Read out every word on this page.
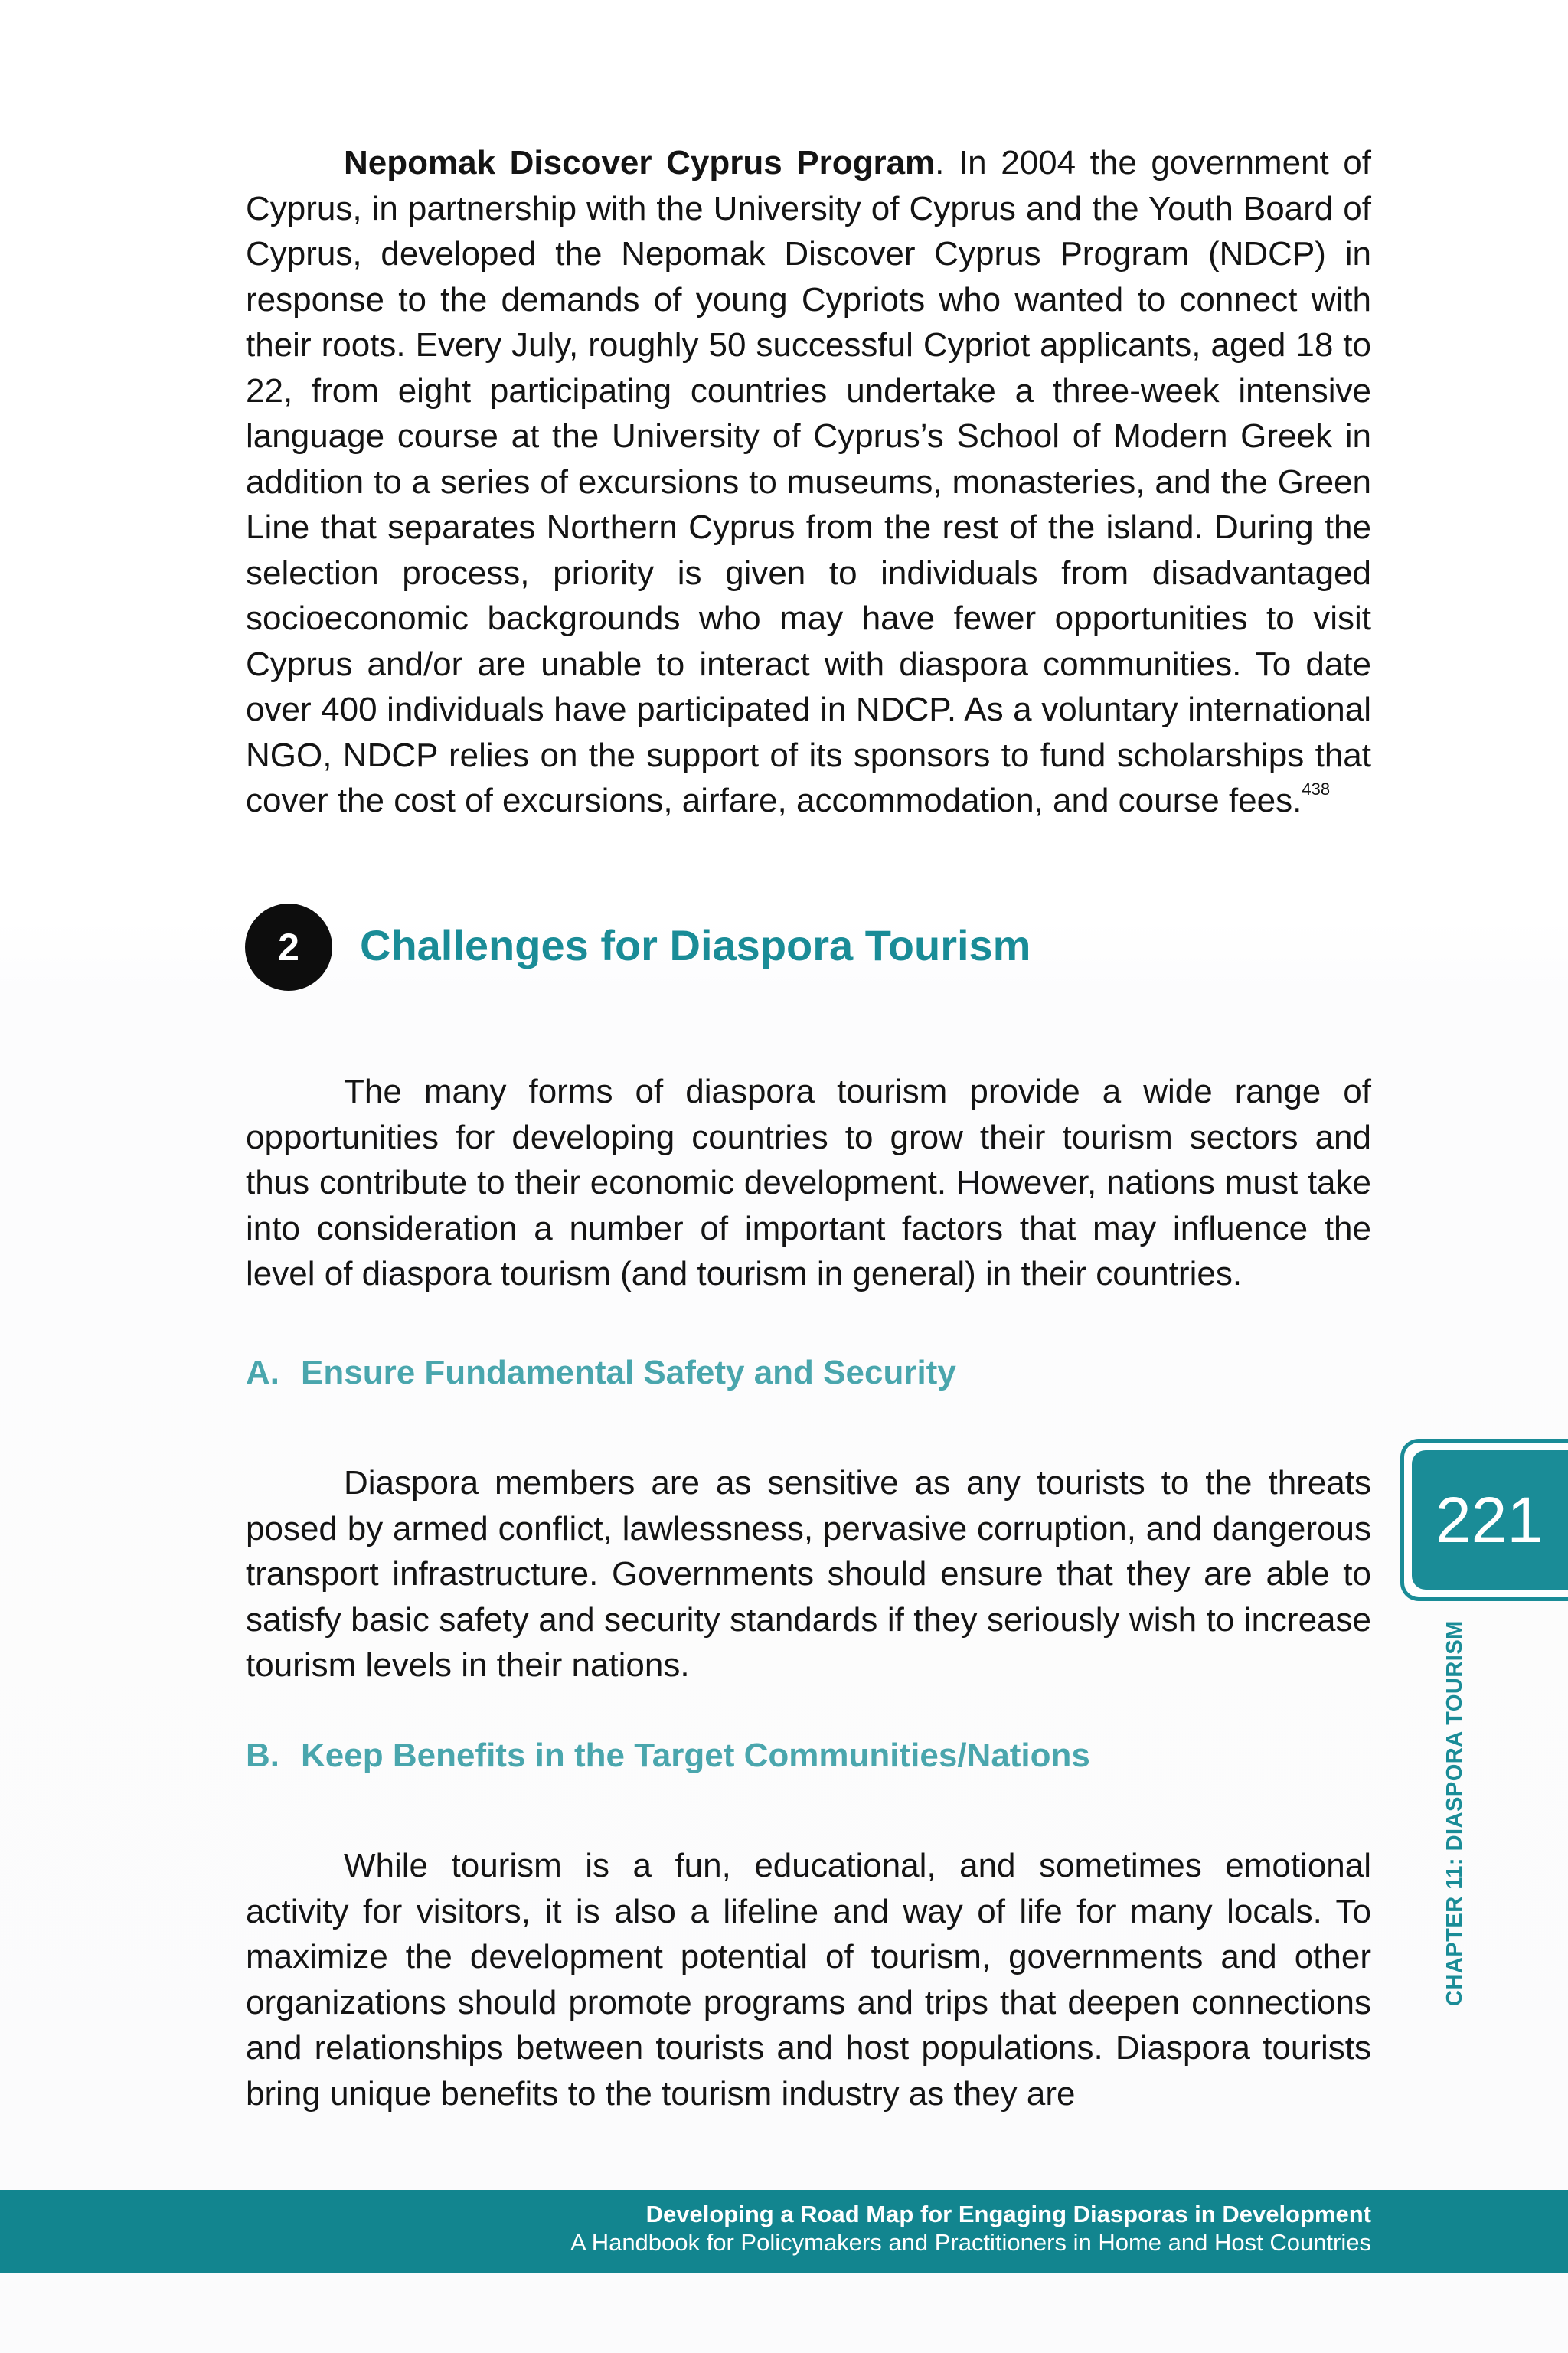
Nepomak Discover Cyprus Program. In 2004 the government of Cyprus, in partnership with the University of Cyprus and the Youth Board of Cyprus, developed the Nepomak Discover Cyprus Program (NDCP) in response to the demands of young Cypriots who wanted to connect with their roots. Every July, roughly 50 successful Cypriot applicants, aged 18 to 22, from eight participating countries undertake a three-week intensive language course at the University of Cyprus’s School of Modern Greek in addition to a series of excursions to museums, monasteries, and the Green Line that separates Northern Cyprus from the rest of the island. During the selection process, priority is given to individuals from disadvantaged socioeconomic backgrounds who may have fewer opportunities to visit Cyprus and/or are unable to interact with diaspora communities. To date over 400 individuals have participated in NDCP. As a voluntary international NGO, NDCP relies on the support of its sponsors to fund scholarships that cover the cost of excursions, airfare, accommodation, and course fees.$^{438}$

2	Challenges for Diaspora Tourism

The many forms of diaspora tourism provide a wide range of opportunities for developing countries to grow their tourism sectors and thus contribute to their economic development. However, nations must take into consideration a number of important factors that may influence the level of diaspora tourism (and tourism in general) in their countries.

A. Ensure Fundamental Safety and Security

Diaspora members are as sensitive as any tourists to the threats posed by armed conflict, lawlessness, pervasive corruption, and dangerous transport infrastructure. Governments should ensure that they are able to satisfy basic safety and security standards if they seriously wish to increase tourism levels in their nations.

B. Keep Benefits in the Target Communities/Nations

While tourism is a fun, educational, and sometimes emotional activity for visitors, it is also a lifeline and way of life for many locals. To maximize the development potential of tourism, governments and other organizations should promote programs and trips that deepen connections and relationships between tourists and host populations. Diaspora tourists bring unique benefits to the tourism industry as they are

221
CHAPTER 11: DIASPORA TOURISM

Developing a Road Map for Engaging Diasporas in Development

A Handbook for Policymakers and Practitioners in Home and Host Countries
